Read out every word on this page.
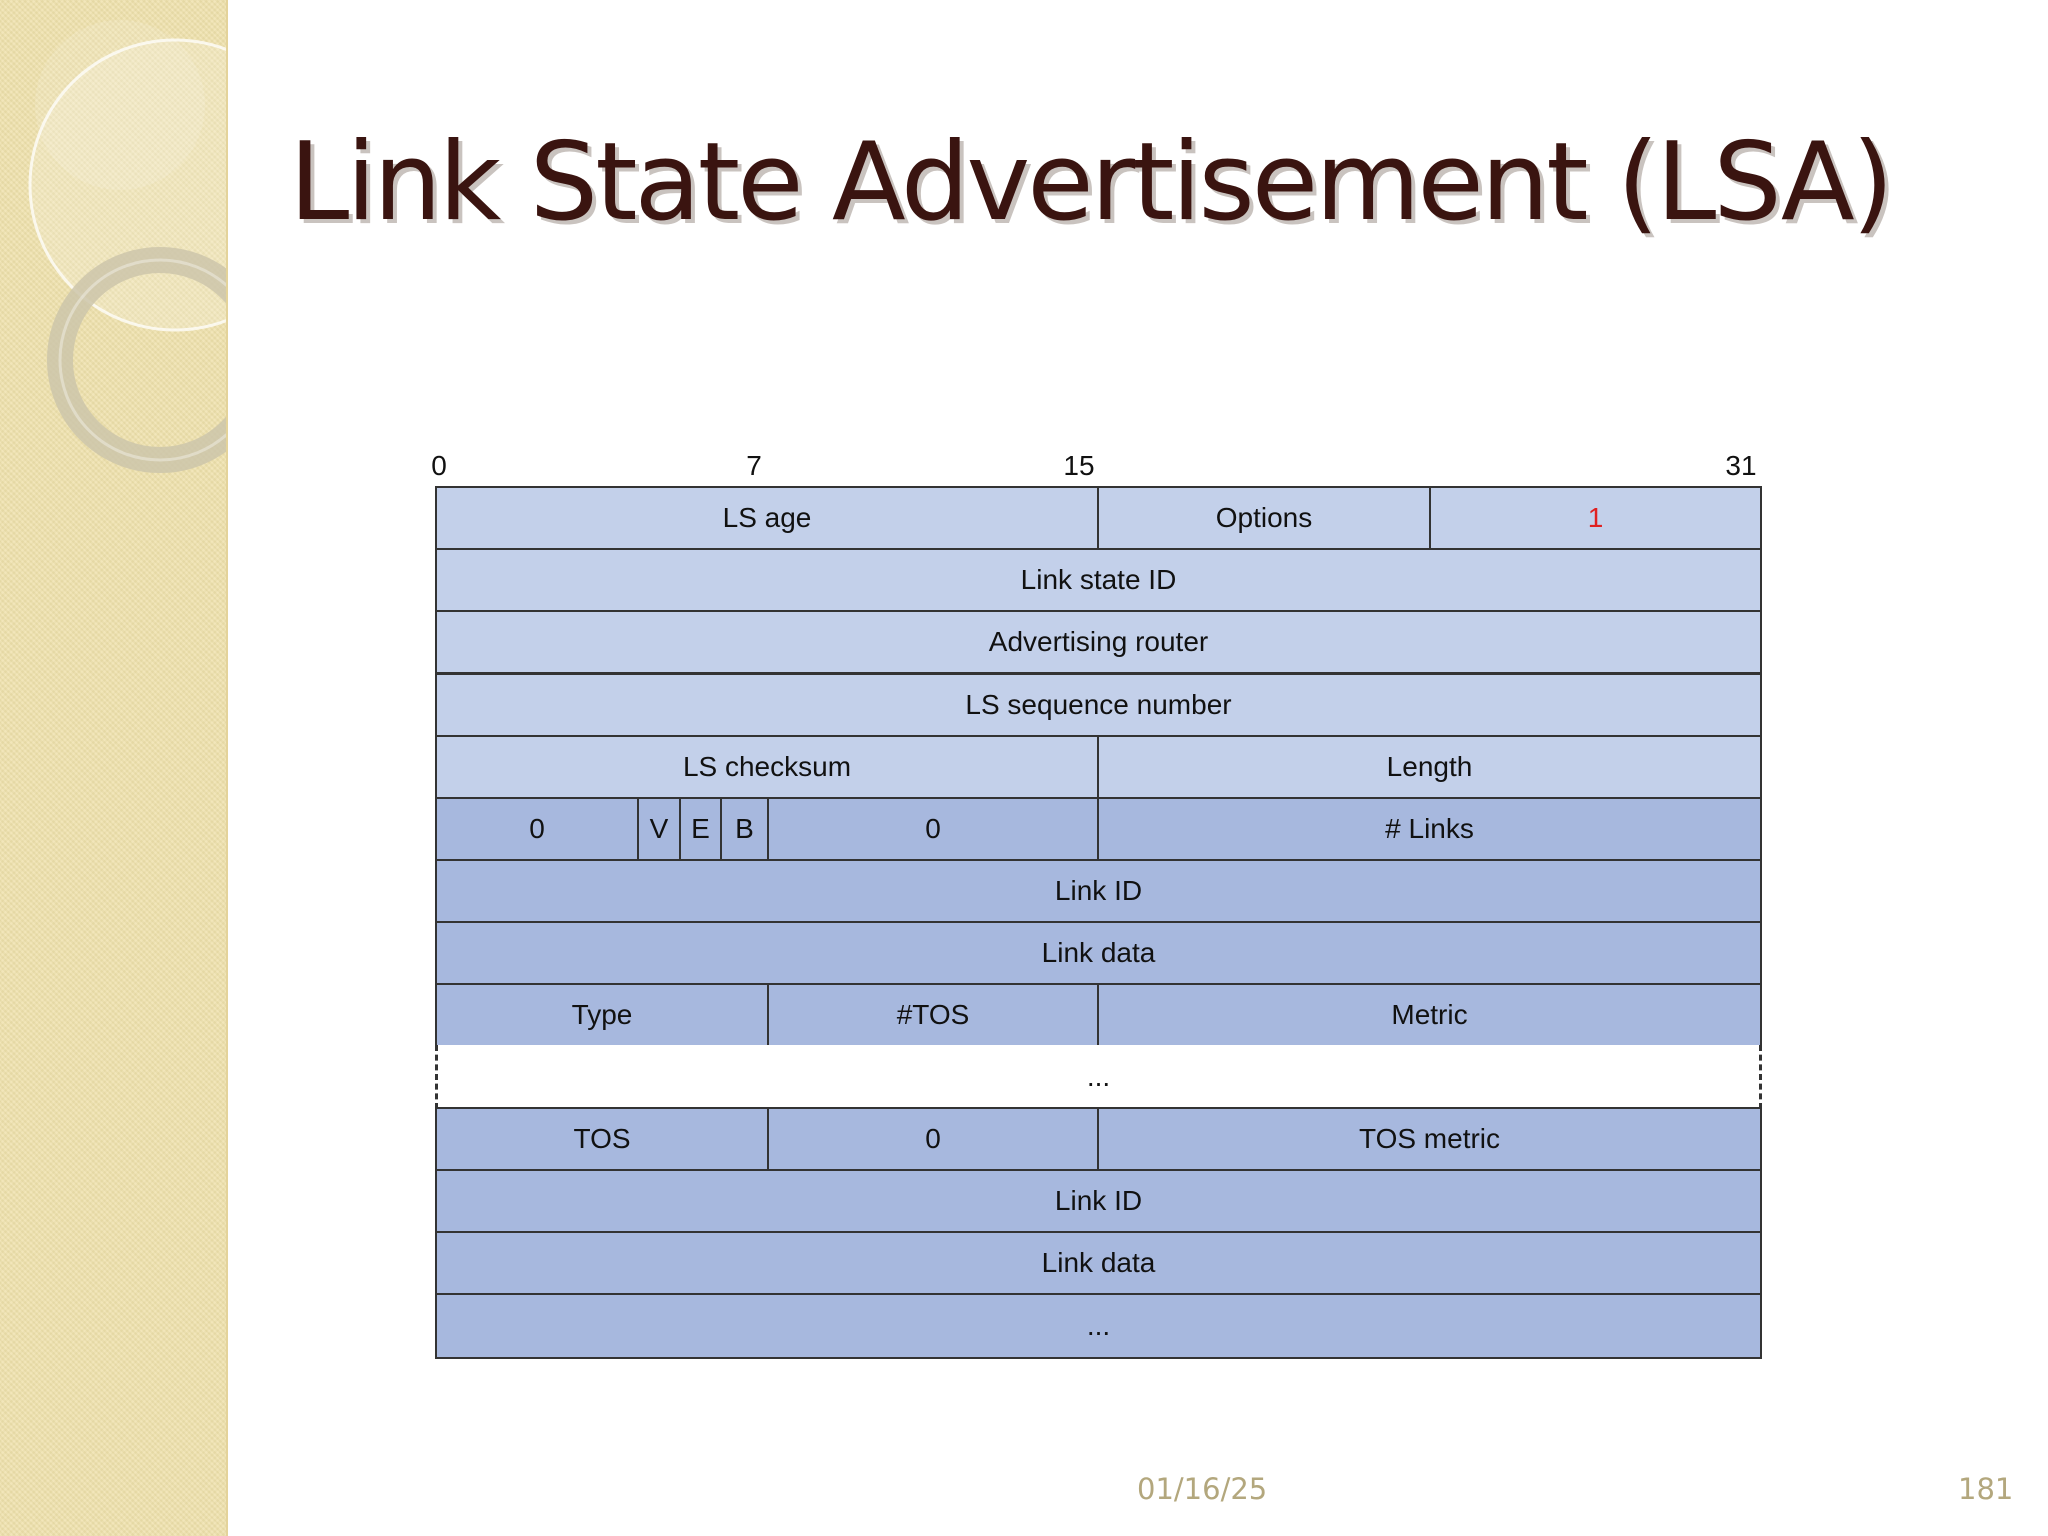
Link State Advertisement (LSA)
0	7	15	31
LS age	Options	1
Link state ID
Advertising router
LS sequence number
LS checksum	Length
0	V E B	0	# Links
Link ID
Link data
Type	#TOS	Metric
...
TOS	0	TOS metric
Link ID
Link data
...
01/16/25	181
